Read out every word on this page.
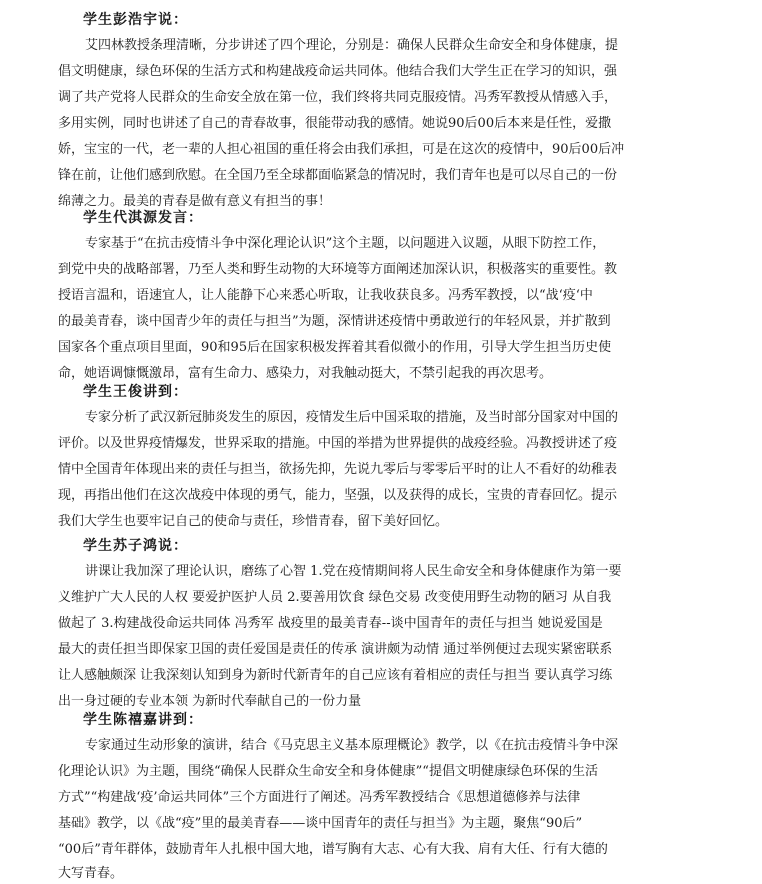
学生彭浩宇说：

艾四林教授条理清晰，分步讲述了四个理论，分别是：确保人民群众生命安全和身体健康，提

倡文明健康，绿色环保的生活方式和构建战疫命运共同体。他结合我们大学生正在学习的知识，强

调了共产党将人民群众的生命安全放在第一位，我们终将共同克服疫情。冯秀军教授从情感入手，

多用实例，同时也讲述了自己的青春故事，很能带动我的感情。她说90后00后本来是任性，爱撒

娇，宝宝的一代，老一辈的人担心祖国的重任将会由我们承担，可是在这次的疫情中，90后00后冲

锋在前，让他们感到欣慰。在全国乃至全球都面临紧急的情况时，我们青年也是可以尽自己的一份

绵薄之力。最美的青春是做有意义有担当的事！

学生代淇源发言：

专家基于“在抗击疫情斗争中深化理论认识”这个主题，以问题进入议题，从眼下防控工作，

到党中央的战略部署，乃至人类和野生动物的大环境等方面阐述加深认识，积极落实的重要性。教

授语言温和，语速宜人，让人能静下心来悉心听取，让我收获良多。冯秀军教授，以“战‘疫‘中

的最美青春，谈中国青少年的责任与担当”为题，深情讲述疫情中勇敢逆行的年轻风景，并扩散到

国家各个重点项目里面，90和95后在国家积极发挥着其看似微小的作用，引导大学生担当历史使

命，她语调慷慨激昂，富有生命力、感染力，对我触动挺大，不禁引起我的再次思考。

学生王俊讲到：

专家分析了武汉新冠肺炎发生的原因，疫情发生后中国采取的措施，及当时部分国家对中国的

评价。以及世界疫情爆发，世界采取的措施。中国的举措为世界提供的战疫经验。冯教授讲述了疫

情中全国青年体现出来的责任与担当，欲扬先抑，先说九零后与零零后平时的让人不看好的幼稚表

现，再指出他们在这次战疫中体现的勇气，能力，坚强，以及获得的成长，宝贵的青春回忆。提示

我们大学生也要牢记自己的使命与责任，珍惜青春，留下美好回忆。

学生苏子鸿说：

讲课让我加深了理论认识，磨练了心智 1.党在疫情期间将人民生命安全和身体健康作为第一要

义维护广大人民的人权 要爱护医护人员 2.要善用饮食 绿色交易 改变使用野生动物的陋习 从自我

做起了 3.构建战役命运共同体 冯秀军 战疫里的最美青春--谈中国青年的责任与担当 她说爱国是

最大的责任担当即保家卫国的责任爱国是责任的传承 演讲颇为动情 通过举例便过去现实紧密联系

让人感触颇深 让我深刻认知到身为新时代新青年的自己应该有着相应的责任与担当 要认真学习练

出一身过硬的专业本领 为新时代奉献自己的一份力量

学生陈禧嘉讲到：

专家通过生动形象的演讲，结合《马克思主义基本原理概论》教学，以《在抗击疫情斗争中深

化理论认识》为主题，围绕“确保人民群众生命安全和身体健康”“提倡文明健康绿色环保的生活

方式”“构建战‘疫’命运共同体”三个方面进行了阐述。冯秀军教授结合《思想道德修养与法律

基础》教学，以《战“疫”里的最美青春——谈中国青年的责任与担当》为主题，聚焦“90后”

“00后”青年群体，鼓励青年人扎根中国大地，谱写胸有大志、心有大我、肩有大任、行有大德的

大写青春。
